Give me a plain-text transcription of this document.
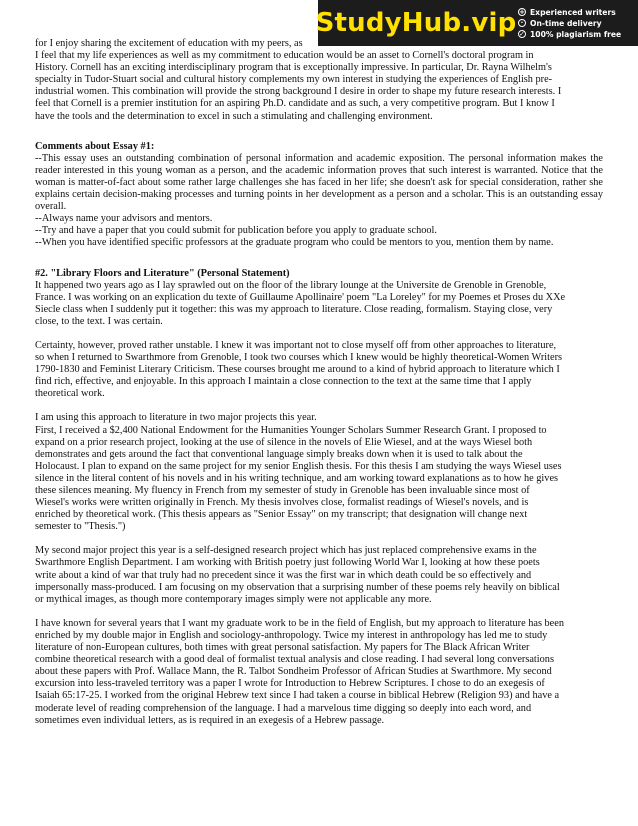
StudyHub.vip + Experienced writers
· On-time delivery
✓ 100% plagiarism free
for I enjoy sharing the excitement of education with my peers, as
I feel that my life experiences as well as my commitment to education would be an asset to Cornell's doctoral program in
History. Cornell has an exciting interdisciplinary program that is exceptionally impressive. In particular, Dr. Rayna Wilhelm's
specialty in Tudor-Stuart social and cultural history complements my own interest in studying the experiences of English pre-
industrial women. This combination will provide the strong background I desire in order to shape my future research interests. I
feel that Cornell is a premier institution for an aspiring Ph.D. candidate and as such, a very competitive program. But I know I
have the tools and the determination to excel in such a stimulating and challenging environment.
Comments about Essay #1:
--This essay uses an outstanding combination of personal information and academic exposition. The personal information makes the reader interested in this young woman as a person, and the academic information proves that such interest is warranted. Notice that the woman is matter-of-fact about some rather large challenges she has faced in her life; she doesn't ask for special consideration, rather she explains certain decision-making processes and turning points in her development as a person and a scholar. This is an outstanding essay overall.
--Always name your advisors and mentors.
--Try and have a paper that you could submit for publication before you apply to graduate school.
--When you have identified specific professors at the graduate program who could be mentors to you, mention them by name.
#2. "Library Floors and Literature" (Personal Statement)

It happened two years ago as I lay sprawled out on the floor of the library lounge at the Universite de Grenoble in Grenoble,
France. I was working on an explication du texte of Guillaume Apollinaire' poem "La Loreley" for my Poemes et Proses du XXe
Siecle class when I suddenly put it together: this was my approach to literature. Close reading, formalism. Staying close, very
close, to the text. I was certain.

Certainty, however, proved rather unstable. I knew it was important not to close myself off from other approaches to literature,
so when I returned to Swarthmore from Grenoble, I took two courses which I knew would be highly theoretical-Women Writers
1790-1830 and Feminist Literary Criticism. These courses brought me around to a kind of hybrid approach to literature which I
find rich, effective, and enjoyable. In this approach I maintain a close connection to the text at the same time that I apply
theoretical work.

I am using this approach to literature in two major projects this year.
First, I received a $2,400 National Endowment for the Humanities Younger Scholars Summer Research Grant. I proposed to
expand on a prior research project, looking at the use of silence in the novels of Elie Wiesel, and at the ways Wiesel both
demonstrates and gets around the fact that conventional language simply breaks down when it is used to talk about the
Holocaust. I plan to expand on the same project for my senior English thesis. For this thesis I am studying the ways Wiesel uses
silence in the literal content of his novels and in his writing technique, and am working toward explanations as to how he gives
these silences meaning. My fluency in French from my semester of study in Grenoble has been invaluable since most of
Wiesel's works were written originally in French. My thesis involves close, formalist readings of Wiesel's novels, and is
enriched by theoretical work. (This thesis appears as "Senior Essay" on my transcript; that designation will change next
semester to "Thesis.")

My second major project this year is a self-designed research project which has just replaced comprehensive exams in the
Swarthmore English Department. I am working with British poetry just following World War I, looking at how these poets
write about a kind of war that truly had no precedent since it was the first war in which death could be so effectively and
impersonally mass-produced. I am focusing on my observation that a surprising number of these poems rely heavily on biblical
or mythical images, as though more contemporary images simply were not applicable any more.

I have known for several years that I want my graduate work to be in the field of English, but my approach to literature has been
enriched by my double major in English and sociology-anthropology. Twice my interest in anthropology has led me to study
literature of non-European cultures, both times with great personal satisfaction. My papers for The Black African Writer
combine theoretical research with a good deal of formalist textual analysis and close reading. I had several long conversations
about these papers with Prof. Wallace Mann, the R. Talbot Sondheim Professor of African Studies at Swarthmore. My second
excursion into less-traveled territory was a paper I wrote for Introduction to Hebrew Scriptures. I chose to do an exegesis of
Isaiah 65:17-25. I worked from the original Hebrew text since I had taken a course in biblical Hebrew (Religion 93) and have a
moderate level of reading comprehension of the language. I had a marvelous time digging so deeply into each word, and
sometimes even individual letters, as is required in an exegesis of a Hebrew passage.
